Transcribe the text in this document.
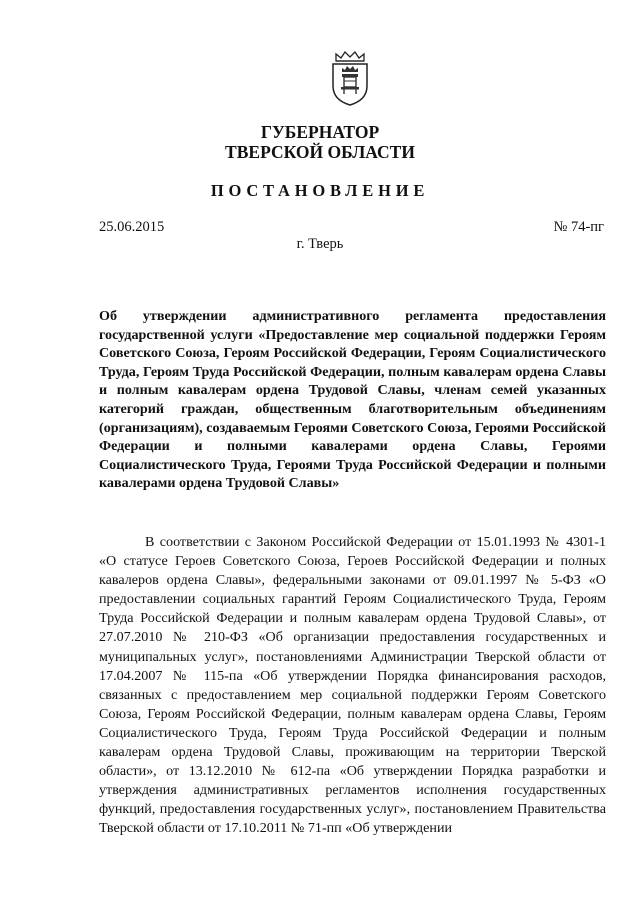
ГУБЕРНАТОР
ТВЕРСКОЙ ОБЛАСТИ
ПОСТАНОВЛЕНИЕ
25.06.2015	№ 74-пг
г. Тверь
Об утверждении административного регламента предоставления государственной услуги «Предоставление мер социальной поддержки Героям Советского Союза, Героям Российской Федерации, Героям Социалистического Труда, Героям Труда Российской Федерации, полным кавалерам ордена Славы и полным кавалерам ордена Трудовой Славы, членам семей указанных категорий граждан, общественным благотворительным объединениям (организациям), создаваемым Героями Советского Союза, Героями Российской Федерации и полными кавалерами ордена Славы, Героями Социалистического Труда, Героями Труда Российской Федерации и полными кавалерами ордена Трудовой Славы»
В соответствии с Законом Российской Федерации от 15.01.1993 № 4301-1 «О статусе Героев Советского Союза, Героев Российской Федерации и полных кавалеров ордена Славы», федеральными законами от 09.01.1997 № 5-ФЗ «О предоставлении социальных гарантий Героям Социалистического Труда, Героям Труда Российской Федерации и полным кавалерам ордена Трудовой Славы», от 27.07.2010 № 210-ФЗ «Об организации предоставления государственных и муниципальных услуг», постановлениями Администрации Тверской области от 17.04.2007 № 115-па «Об утверждении Порядка финансирования расходов, связанных с предоставлением мер социальной поддержки Героям Советского Союза, Героям Российской Федерации, полным кавалерам ордена Славы, Героям Социалистического Труда, Героям Труда Российской Федерации и полным кавалерам ордена Трудовой Славы, проживающим на территории Тверской области», от 13.12.2010 № 612-па «Об утверждении Порядка разработки и утверждения административных регламентов исполнения государственных функций, предоставления государственных услуг», постановлением Правительства Тверской области от 17.10.2011 № 71-пп «Об утверждении
